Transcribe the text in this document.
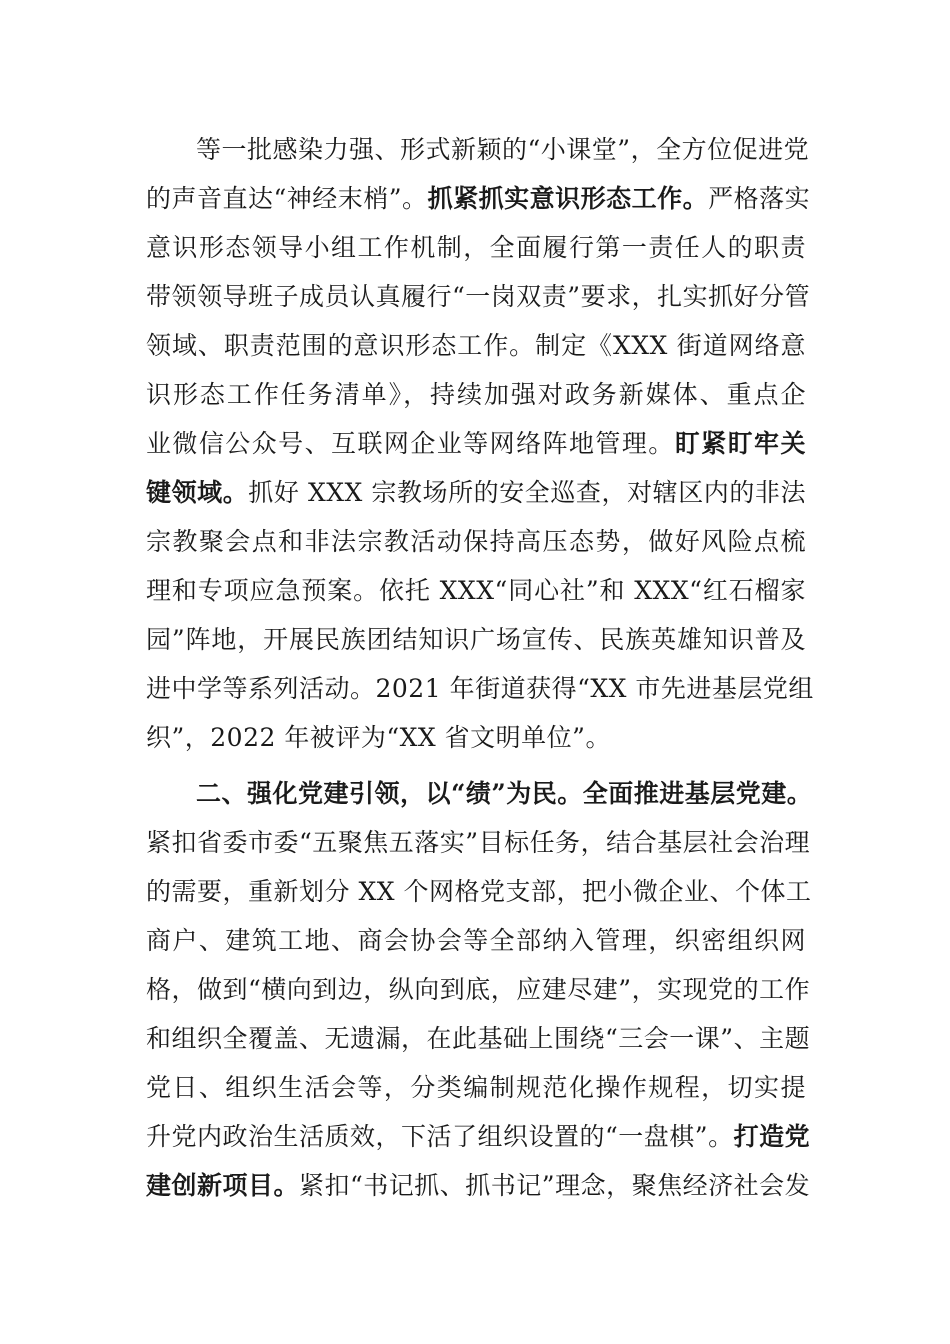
等一批感染力强、形式新颖的“小课堂”，全方位促进党
的声音直达“神经末梢”。抓紧抓实意识形态工作。严格落实
意识形态领导小组工作机制，全面履行第一责任人的职责
带领领导班子成员认真履行“一岗双责”要求，扎实抓好分管
领域、职责范围的意识形态工作。制定《XXX 街道网络意
识形态工作任务清单》，持续加强对政务新媒体、重点企
业微信公众号、互联网企业等网络阵地管理。盯紧盯牢关
键领域。抓好 XXX 宗教场所的安全巡查，对辖区内的非法
宗教聚会点和非法宗教活动保持高压态势，做好风险点梳
理和专项应急预案。依托 XXX“同心社”和 XXX“红石榴家
园”阵地，开展民族团结知识广场宣传、民族英雄知识普及
进中学等系列活动。2021 年街道获得“XX 市先进基层党组
织”，2022 年被评为“XX 省文明单位”。
二、强化党建引领，以“绩”为民。全面推进基层党建。
紧扣省委市委“五聚焦五落实”目标任务，结合基层社会治理
的需要，重新划分 XX 个网格党支部，把小微企业、个体工
商户、建筑工地、商会协会等全部纳入管理，织密组织网
格，做到“横向到边，纵向到底，应建尽建”，实现党的工作
和组织全覆盖、无遗漏，在此基础上围绕“三会一课”、主题
党日、组织生活会等，分类编制规范化操作规程，切实提
升党内政治生活质效，下活了组织设置的“一盘棋”。打造党
建创新项目。紧扣“书记抓、抓书记”理念，聚焦经济社会发
